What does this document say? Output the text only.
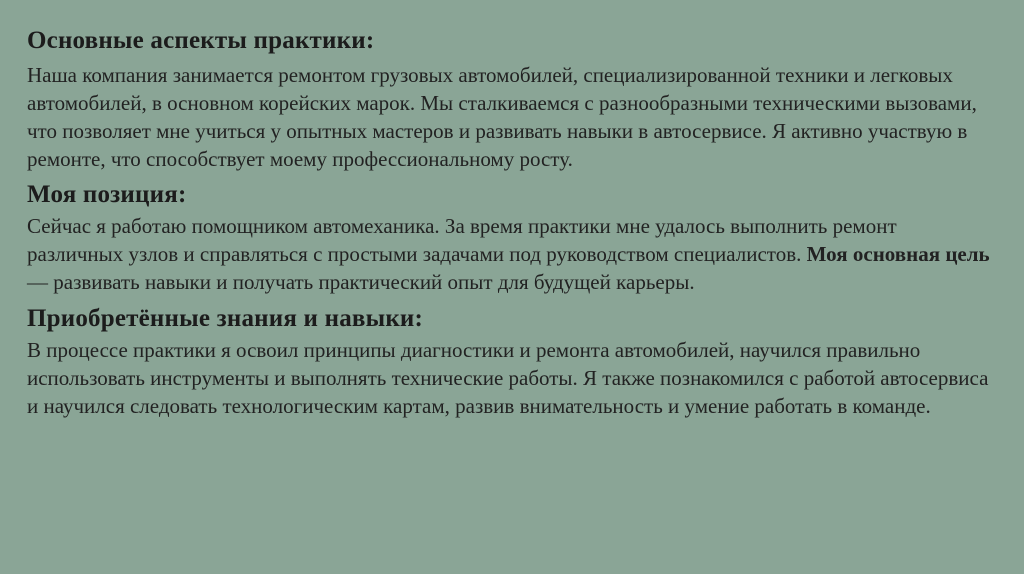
Основные аспекты практики:

Наша компания занимается ремонтом грузовых автомобилей, специализированной техники и легковых автомобилей, в основном корейских марок. Мы сталкиваемся с разнообразными техническими вызовами, что позволяет мне учиться у опытных мастеров и развивать навыки в автосервисе. Я активно участвую в ремонте, что способствует моему профессиональному росту.

Моя позиция:

Сейчас я работаю помощником автомеханика. За время практики мне удалось выполнить ремонт различных узлов и справляться с простыми задачами под руководством специалистов. Моя основная цель — развивать навыки и получать практический опыт для будущей карьеры.

Приобретённые знания и навыки:

В процессе практики я освоил принципы диагностики и ремонта автомобилей, научился правильно использовать инструменты и выполнять технические работы. Я также познакомился с работой автосервиса и научился следовать технологическим картам, развив внимательность и умение работать в команде.
